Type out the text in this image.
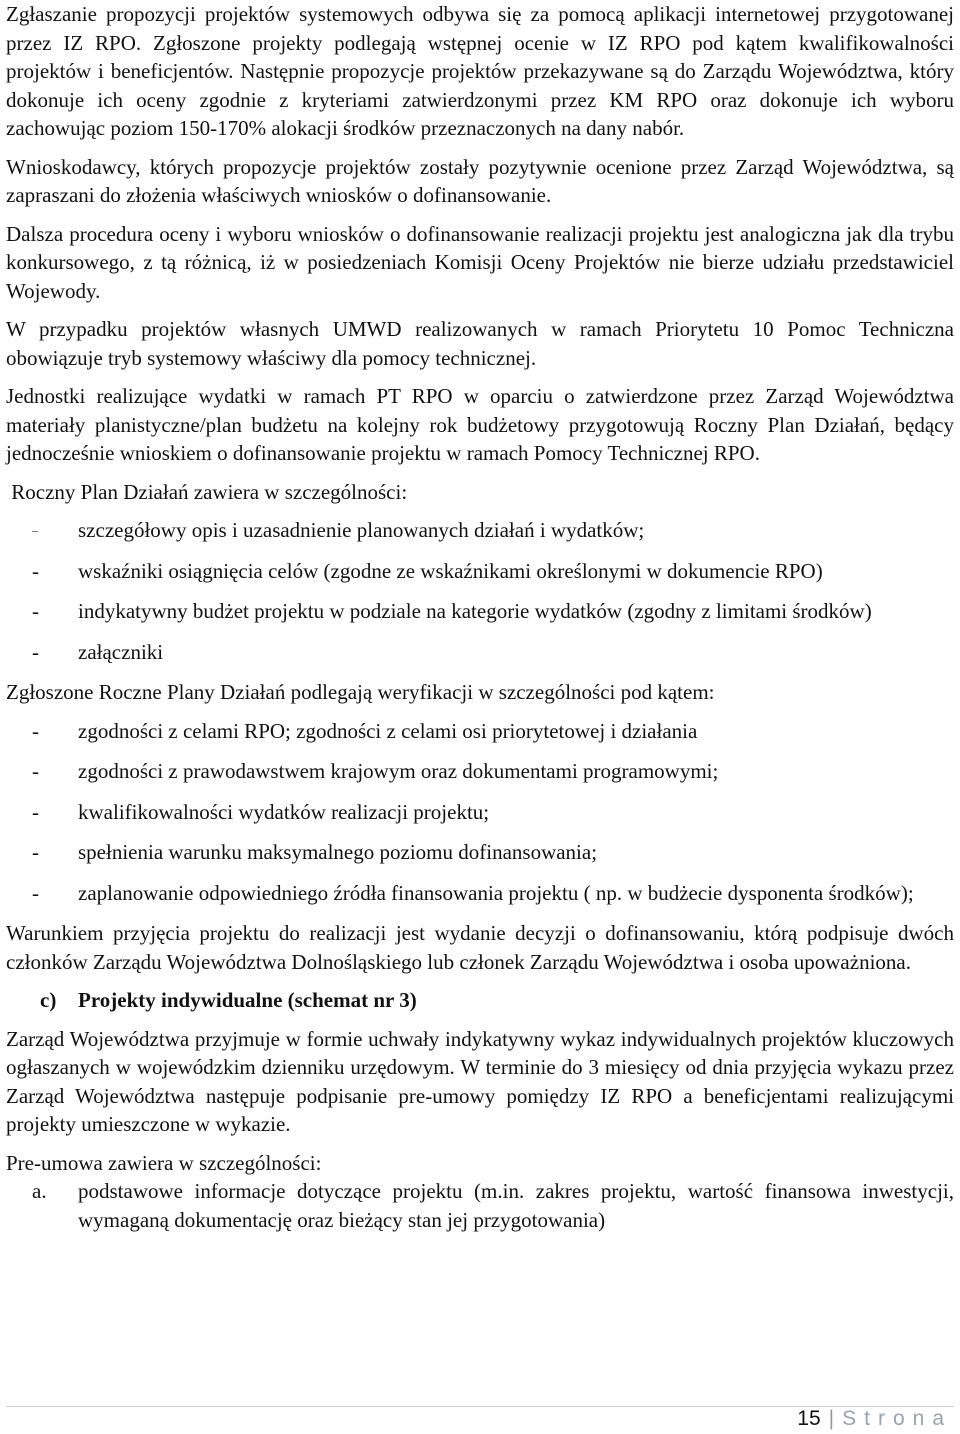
Zgłaszanie propozycji projektów systemowych odbywa się za pomocą aplikacji internetowej przygotowanej przez IZ RPO. Zgłoszone projekty podlegają wstępnej ocenie w IZ RPO pod kątem kwalifikowalności projektów i beneficjentów. Następnie propozycje projektów przekazywane są do Zarządu Województwa, który dokonuje ich oceny zgodnie z kryteriami zatwierdzonymi przez KM RPO oraz dokonuje ich wyboru zachowując poziom 150-170% alokacji środków przeznaczonych na dany nabór.

Wnioskodawcy, których propozycje projektów zostały pozytywnie ocenione przez Zarząd Województwa, są zapraszani do złożenia właściwych wniosków o dofinansowanie.

Dalsza procedura oceny i wyboru wniosków o dofinansowanie realizacji projektu jest analogiczna jak dla trybu konkursowego, z tą różnicą, iż w posiedzeniach Komisji Oceny Projektów nie bierze udziału przedstawiciel Wojewody.

W przypadku projektów własnych UMWD realizowanych w ramach Priorytetu 10 Pomoc Techniczna obowiązuje tryb systemowy właściwy dla pomocy technicznej.

Jednostki realizujące wydatki w ramach PT RPO w oparciu o zatwierdzone przez Zarząd Województwa materiały planistyczne/plan budżetu na kolejny rok budżetowy przygotowują Roczny Plan Działań, będący jednocześnie wnioskiem o dofinansowanie projektu w ramach Pomocy Technicznej RPO.

Roczny Plan Działań zawiera w szczególności:

–	szczegółowy opis i uzasadnienie planowanych działań i wydatków;
-	wskaźniki osiągnięcia celów (zgodne ze wskaźnikami określonymi w dokumencie RPO)
-	indykatywny budżet projektu w podziale na kategorie wydatków (zgodny z limitami środków)
-	załączniki

Zgłoszone Roczne Plany Działań podlegają weryfikacji w szczególności pod kątem:

-	zgodności z celami RPO; zgodności z celami osi priorytetowej i działania
-	zgodności z prawodawstwem krajowym oraz dokumentami programowymi;
-	kwalifikowalności wydatków realizacji projektu;
-	spełnienia warunku maksymalnego poziomu dofinansowania;
-	zaplanowanie odpowiedniego źródła finansowania projektu ( np. w budżecie dysponenta środków);

Warunkiem przyjęcia projektu do realizacji jest wydanie decyzji o dofinansowaniu, którą podpisuje dwóch członków Zarządu Województwa Dolnośląskiego lub członek Zarządu Województwa i osoba upoważniona.

c) Projekty indywidualne (schemat nr 3)

Zarząd Województwa przyjmuje w formie uchwały indykatywny wykaz indywidualnych projektów kluczowych ogłaszanych w wojewódzkim dzienniku urzędowym. W terminie do 3 miesięcy od dnia przyjęcia wykazu przez Zarząd Województwa następuje podpisanie pre-umowy pomiędzy IZ RPO a beneficjentami realizującymi projekty umieszczone w wykazie.

Pre-umowa zawiera w szczególności:

a.	podstawowe informacje dotyczące projektu (m.in. zakres projektu, wartość finansowa inwestycji, wymaganą dokumentację oraz bieżący stan jej przygotowania)
15 | Strona
